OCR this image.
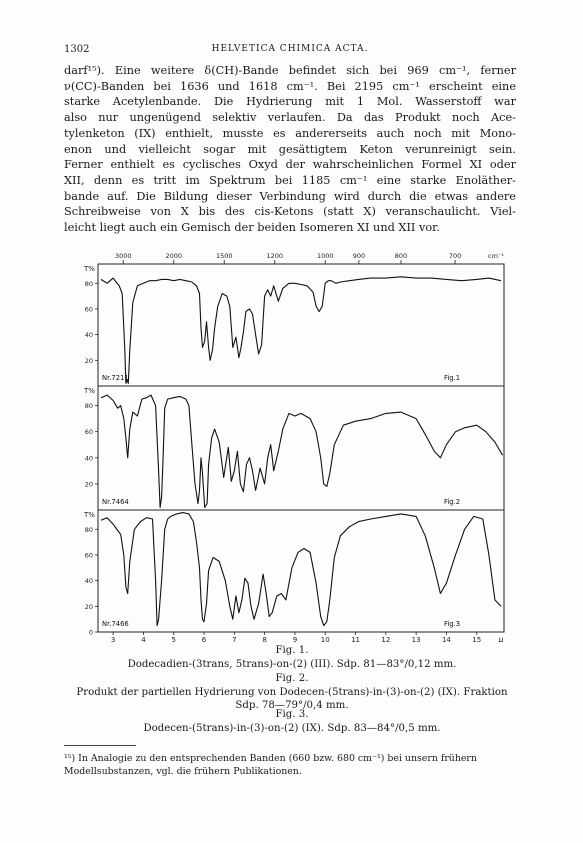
1302	HELVETICA CHIMICA ACTA.

darf¹⁵). Eine weitere δ(CH)-Bande befindet sich bei 969 cm⁻¹, ferner
ν(CC)-Banden bei 1636 und 1618 cm⁻¹. Bei 2195 cm⁻¹ erscheint eine
starke Acetylenbande. Die Hydrierung mit 1 Mol. Wasserstoff war
also nur ungenügend selektiv verlaufen. Da das Produkt noch Ace-
tylenketon (IX) enthielt, musste es andererseits auch noch mit Mono-
enon und vielleicht sogar mit gesättigtem Keton verunreinigt sein.
Ferner enthielt es cyclisches Oxyd der wahrscheinlichen Formel XI oder
XII, denn es tritt im Spektrum bei 1185 cm⁻¹ eine starke Enoläther-
bande auf. Die Bildung dieser Verbindung wird durch die etwas andere
Schreibweise von X bis des cis-Ketons (statt X) veranschaulicht. Viel-
leicht liegt auch ein Gemisch der beiden Isomeren XI und XII vor.

3000	2000	1500	1200	1000	900	800	700	cm⁻¹
20
40
60
80
T%
Nr.7211	Fig.1
20
40
60
80
T%
Nr.7464	Fig.2
0
20
40
60
80
T%
Nr.7466	Fig.3
3	4	5	6	7	8	9	10	11	12	13	14	15 μ
Fig. 1.
Dodecadien-(3trans, 5trans)-on-(2) (III). Sdp. 81—83°/0,12 mm.
Fig. 2.
Produkt der partiellen Hydrierung von Dodecen-(5trans)-in-(3)-on-(2) (IX). Fraktion Sdp. 78—79°/0,4 mm.
Fig. 3.
Dodecen-(5trans)-in-(3)-on-(2) (IX). Sdp. 83—84°/0,5 mm.

¹⁵) In Analogie zu den entsprechenden Banden (660 bzw. 680 cm⁻¹) bei unsern frühern Modellsubstanzen, vgl. die frühern Publikationen.
